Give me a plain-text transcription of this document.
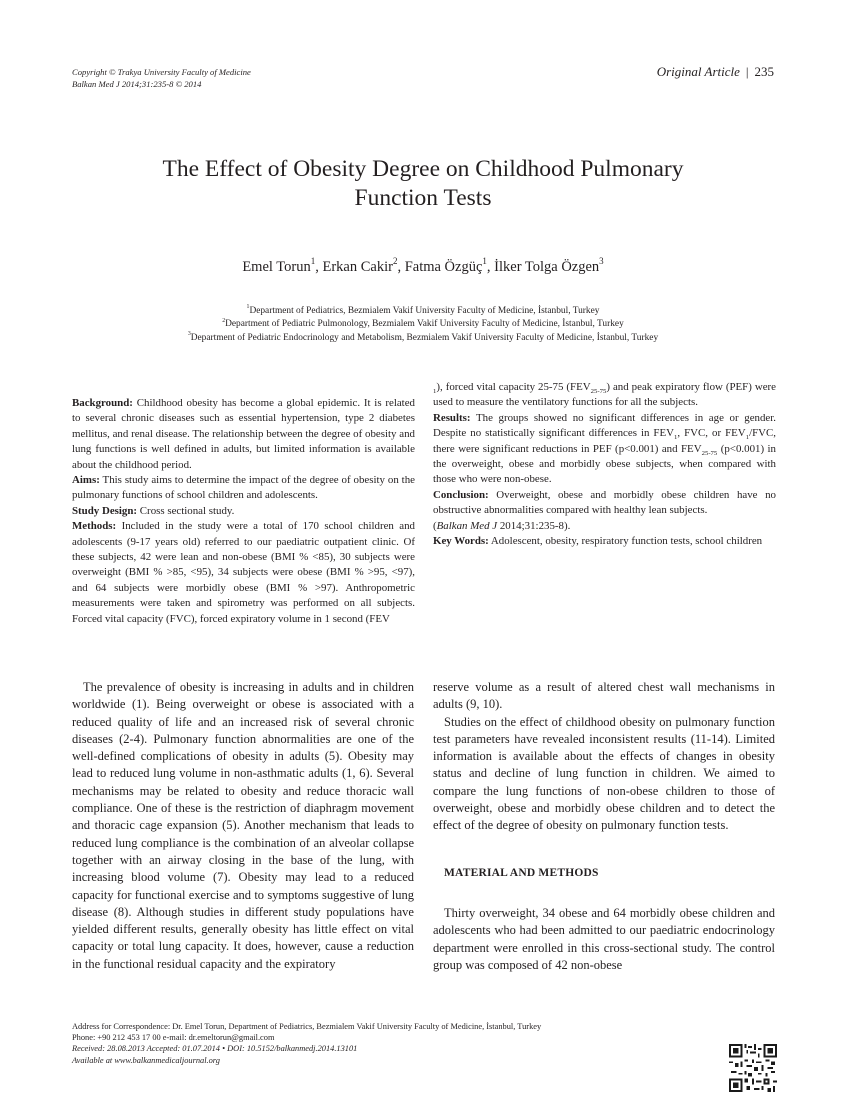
Copyright © Trakya University Faculty of Medicine
Balkan Med J 2014;31:235-8 © 2014
Original Article | 235
The Effect of Obesity Degree on Childhood Pulmonary
Function Tests
Emel Torun$^1$, Erkan Cakir$^2$, Fatma Özgüç$^1$, İlker Tolga Özgen$^3$
$^1$Department of Pediatrics, Bezmialem Vakif University Faculty of Medicine, İstanbul, Turkey
$^2$Department of Pediatric Pulmonology, Bezmialem Vakif University Faculty of Medicine, İstanbul, Turkey
$^3$Department of Pediatric Endocrinology and Metabolism, Bezmialem Vakif University Faculty of Medicine, İstanbul, Turkey
Background: Childhood obesity has become a global epidemic. It is related to several chronic diseases such as essential hypertension, type 2 diabetes mellitus, and renal disease. The relationship between the degree of obesity and lung functions is well defined in adults, but limited information is available about the childhood period.
Aims: This study aims to determine the impact of the degree of obesity on the pulmonary functions of school children and adolescents.
Study Design: Cross sectional study.
Methods: Included in the study were a total of 170 school children and adolescents (9-17 years old) referred to our paediatric outpatient clinic. Of these subjects, 42 were lean and non-obese (BMI % <85), 30 subjects were overweight (BMI % >85, <95), 34 subjects were obese (BMI % >95, <97), and 64 subjects were morbidly obese (BMI % >97). Anthropometric measurements were taken and spirometry was performed on all subjects. Forced vital capacity (FVC), forced expiratory volume in 1 second (FEV
$_1$), forced vital capacity 25-75 $(FEV_{25-75})$ and peak expiratory flow (PEF) were used to measure the ventilatory functions for all the subjects.
Results: The groups showed no significant differences in age or gender. Despite no statistically significant differences in $FEV_1$, FVC, or $FEV_1$/FVC, there were significant reductions in PEF (p<0.001) and $FEV_{25-75}$ (p<0.001) in the overweight, obese and morbidly obese subjects, when compared with those who were non-obese.
Conclusion: Overweight, obese and morbidly obese children have no obstructive abnormalities compared with healthy lean subjects.
(Balkan Med J 2014;31:235-8).
Key Words: Adolescent, obesity, respiratory function tests, school children

The prevalence of obesity is increasing in adults and in children worldwide (1). Being overweight or obese is associated with a reduced quality of life and an increased risk of several chronic diseases (2-4). Pulmonary function abnormalities are one of the well-defined complications of obesity in adults (5). Obesity may lead to reduced lung volume in non-asthmatic adults (1, 6). Several mechanisms may be related to obesity and reduce thoracic wall compliance. One of these is the restriction of diaphragm movement and thoracic cage expansion (5). Another mechanism that leads to reduced lung compliance is the combination of an alveolar collapse together with an airway closing in the base of the lung, with increasing blood volume (7). Obesity may lead to a reduced capacity for functional exercise and to symptoms suggestive of lung disease (8). Although studies in different study populations have yielded different results, generally obesity has little effect on vital capacity or total lung capacity. It does, however, cause a reduction in the functional residual capacity and the expiratory

reserve volume as a result of altered chest wall mechanisms in adults (9, 10).

Studies on the effect of childhood obesity on pulmonary function test parameters have revealed inconsistent results (11-14). Limited information is available about the effects of changes in obesity status and decline of lung function in children. We aimed to compare the lung functions of non-obese children to those of overweight, obese and morbidly obese children and to detect the effect of the degree of obesity on pulmonary function tests.

MATERIAL AND METHODS

Thirty overweight, 34 obese and 64 morbidly obese children and adolescents who had been admitted to our paediatric endocrinology department were enrolled in this cross-sectional study. The control group was composed of 42 non-obese

Address for Correspondence: Dr. Emel Torun, Department of Pediatrics, Bezmialem Vakif University Faculty of Medicine, İstanbul, Turkey
Phone: +90 212 453 17 00 e-mail: dr.emeltorun@gmail.com
Received: 28.08.2013 Accepted: 01.07.2014 • DOI: 10.5152/balkanmedj.2014.13101
Available at www.balkanmedicaljournal.org
